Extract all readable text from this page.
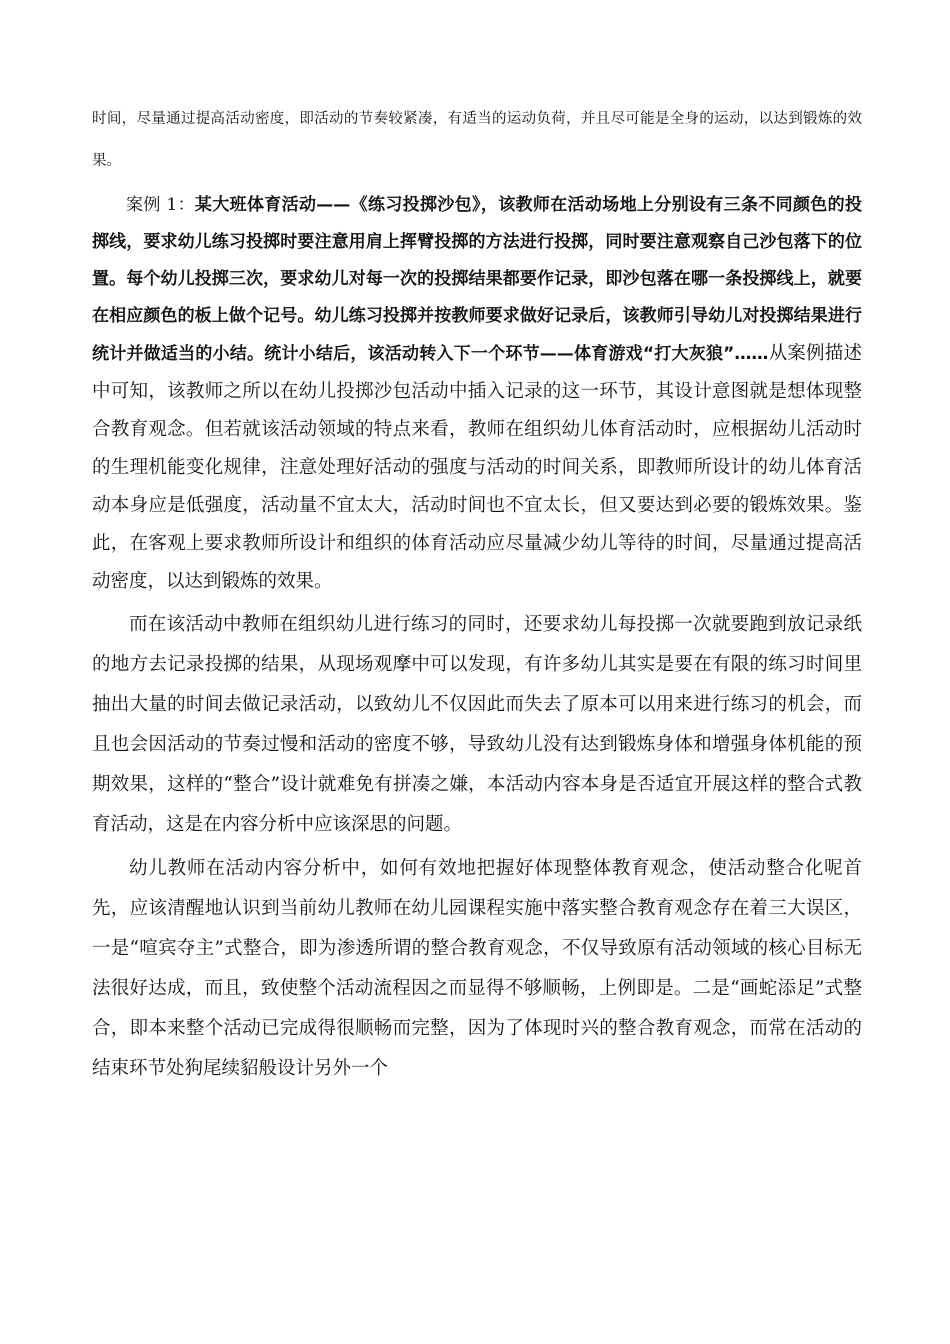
时间，尽量通过提高活动密度，即活动的节奏较紧凑，有适当的运动负荷，并且尽可能是全身的运动，以达到锻炼的效果。

案例 1：某大班体育活动——《练习投掷沙包》，该教师在活动场地上分别设有三条不同颜色的投掷线，要求幼儿练习投掷时要注意用肩上挥臂投掷的方法进行投掷，同时要注意观察自己沙包落下的位置。每个幼儿投掷三次，要求幼儿对每一次的投掷结果都要作记录，即沙包落在哪一条投掷线上，就要在相应颜色的板上做个记号。幼儿练习投掷并按教师要求做好记录后，该教师引导幼儿对投掷结果进行统计并做适当的小结。统计小结后，该活动转入下一个环节——体育游戏“打大灰狼”……从案例描述中可知，该教师之所以在幼儿投掷沙包活动中插入记录的这一环节，其设计意图就是想体现整合教育观念。但若就该活动领域的特点来看，教师在组织幼儿体育活动时，应根据幼儿活动时的生理机能变化规律，注意处理好活动的强度与活动的时间关系，即教师所设计的幼儿体育活动本身应是低强度，活动量不宜太大，活动时间也不宜太长，但又要达到必要的锻炼效果。鉴此，在客观上要求教师所设计和组织的体育活动应尽量减少幼儿等待的时间，尽量通过提高活动密度，以达到锻炼的效果。

而在该活动中教师在组织幼儿进行练习的同时，还要求幼儿每投掷一次就要跑到放记录纸的地方去记录投掷的结果，从现场观摩中可以发现，有许多幼儿其实是要在有限的练习时间里抽出大量的时间去做记录活动，以致幼儿不仅因此而失去了原本可以用来进行练习的机会，而且也会因活动的节奏过慢和活动的密度不够，导致幼儿没有达到锻炼身体和增强身体机能的预期效果，这样的“整合”设计就难免有拼凑之嫌，本活动内容本身是否适宜开展这样的整合式教育活动，这是在内容分析中应该深思的问题。

幼儿教师在活动内容分析中，如何有效地把握好体现整体教育观念，使活动整合化呢首先，应该清醒地认识到当前幼儿教师在幼儿园课程实施中落实整合教育观念存在着三大误区，一是“喧宾夺主”式整合，即为渗透所谓的整合教育观念，不仅导致原有活动领域的核心目标无法很好达成，而且，致使整个活动流程因之而显得不够顺畅，上例即是。二是“画蛇添足”式整合，即本来整个活动已完成得很顺畅而完整，因为了体现时兴的整合教育观念，而常在活动的结束环节处狗尾续貂般设计另外一个
